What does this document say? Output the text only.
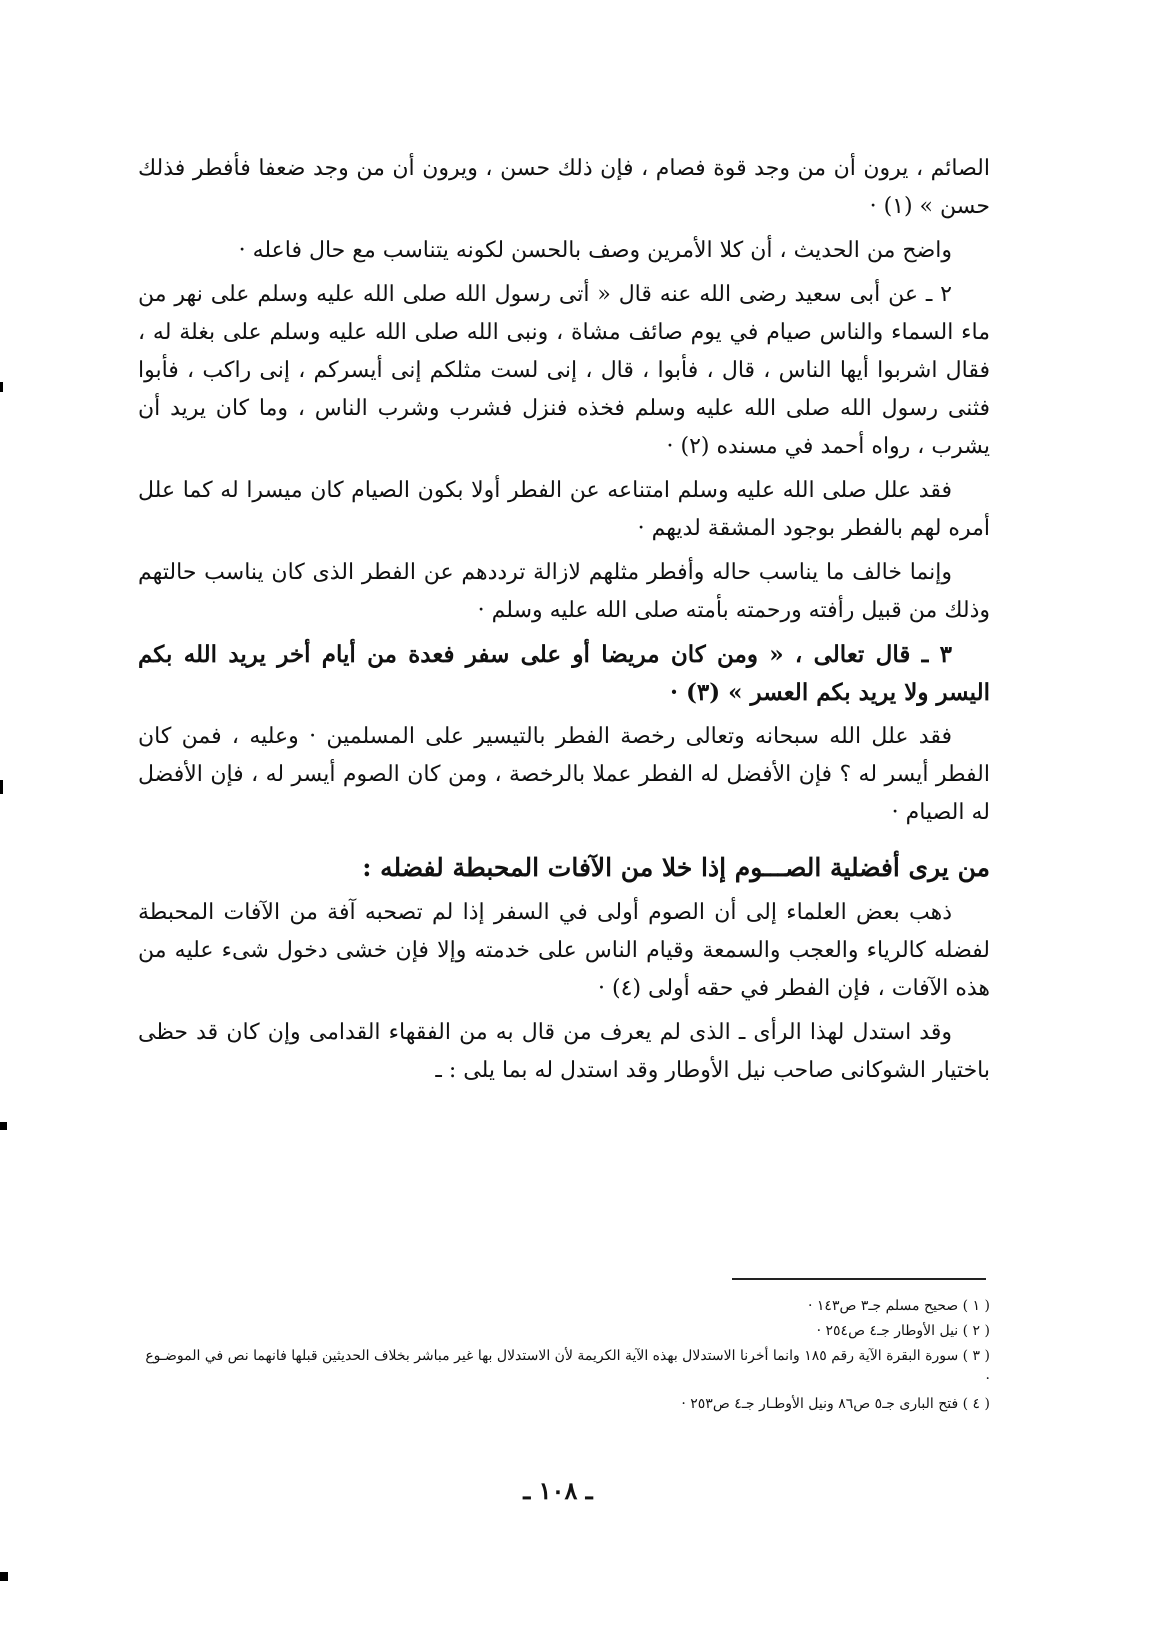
الصائم ، يرون أن من وجد قوة فصام ، فإن ذلك حسن ، ويرون أن من وجد ضعفا فأفطر فذلك حسن » (١) ·

واضح من الحديث ، أن كلا الأمرين وصف بالحسن لكونه يتناسب مع حال فاعله ·

٢ ـ عن أبى سعيد رضى الله عنه قال « أتى رسول الله صلى الله عليه وسلم على نهر من ماء السماء والناس صيام في يوم صائف مشاة ، ونبى الله صلى الله عليه وسلم على بغلة له ، فقال اشربوا أيها الناس ، قال ، فأبوا ، قال ، إنى لست مثلكم إنى أيسركم ، إنى راكب ، فأبوا فثنى رسول الله صلى الله عليه وسلم فخذه فنزل فشرب وشرب الناس ، وما كان يريد أن يشرب ، رواه أحمد في مسنده (٢) ·

فقد علل صلى الله عليه وسلم امتناعه عن الفطر أولا بكون الصيام كان ميسرا له كما علل أمره لهم بالفطر بوجود المشقة لديهم ·

وإنما خالف ما يناسب حاله وأفطر مثلهم لازالة ترددهم عن الفطر الذى كان يناسب حالتهم وذلك من قبيل رأفته ورحمته بأمته صلى الله عليه وسلم ·

٣ ـ قال تعالى ، « ومن كان مريضا أو على سفر فعدة من أيام أخر يريد الله بكم اليسر ولا يريد بكم العسر » (٣) ·

فقد علل الله سبحانه وتعالى رخصة الفطر بالتيسير على المسلمين · وعليه ، فمن كان الفطر أيسر له ؟ فإن الأفضل له الفطر عملا بالرخصة ، ومن كان الصوم أيسر له ، فإن الأفضل له الصيام ·

من يرى أفضلية الصـــوم إذا خلا من الآفات المحبطة لفضله :

ذهب بعض العلماء إلى أن الصوم أولى في السفر إذا لم تصحبه آفة من الآفات المحبطة لفضله كالرياء والعجب والسمعة وقيام الناس على خدمته وإلا فإن خشى دخول شىء عليه من هذه الآفات ، فإن الفطر في حقه أولى (٤) ·

وقد استدل لهذا الرأى ـ الذى لم يعرف من قال به من الفقهاء القدامى وإن كان قد حظى باختيار الشوكانى صاحب نيل الأوطار وقد استدل له بما يلى : ـ

( ١ ) صحيح مسلم جـ٣ ص١٤٣ ·

( ٢ ) نيل الأوطار جـ٤ ص٢٥٤ ·

( ٣ ) سورة البقرة الآية رقم ١٨٥ وانما أخرنا الاستدلال بهذه الآية الكريمة لأن الاستدلال بها غير مباشر بخلاف الحديثين قبلها فانهما نص في الموضـوع ·

( ٤ ) فتح البارى جـ٥ ص٨٦ ونيل الأوطـار جـ٤ ص٢٥٣ ·

ـ ١٠٨ ـ
